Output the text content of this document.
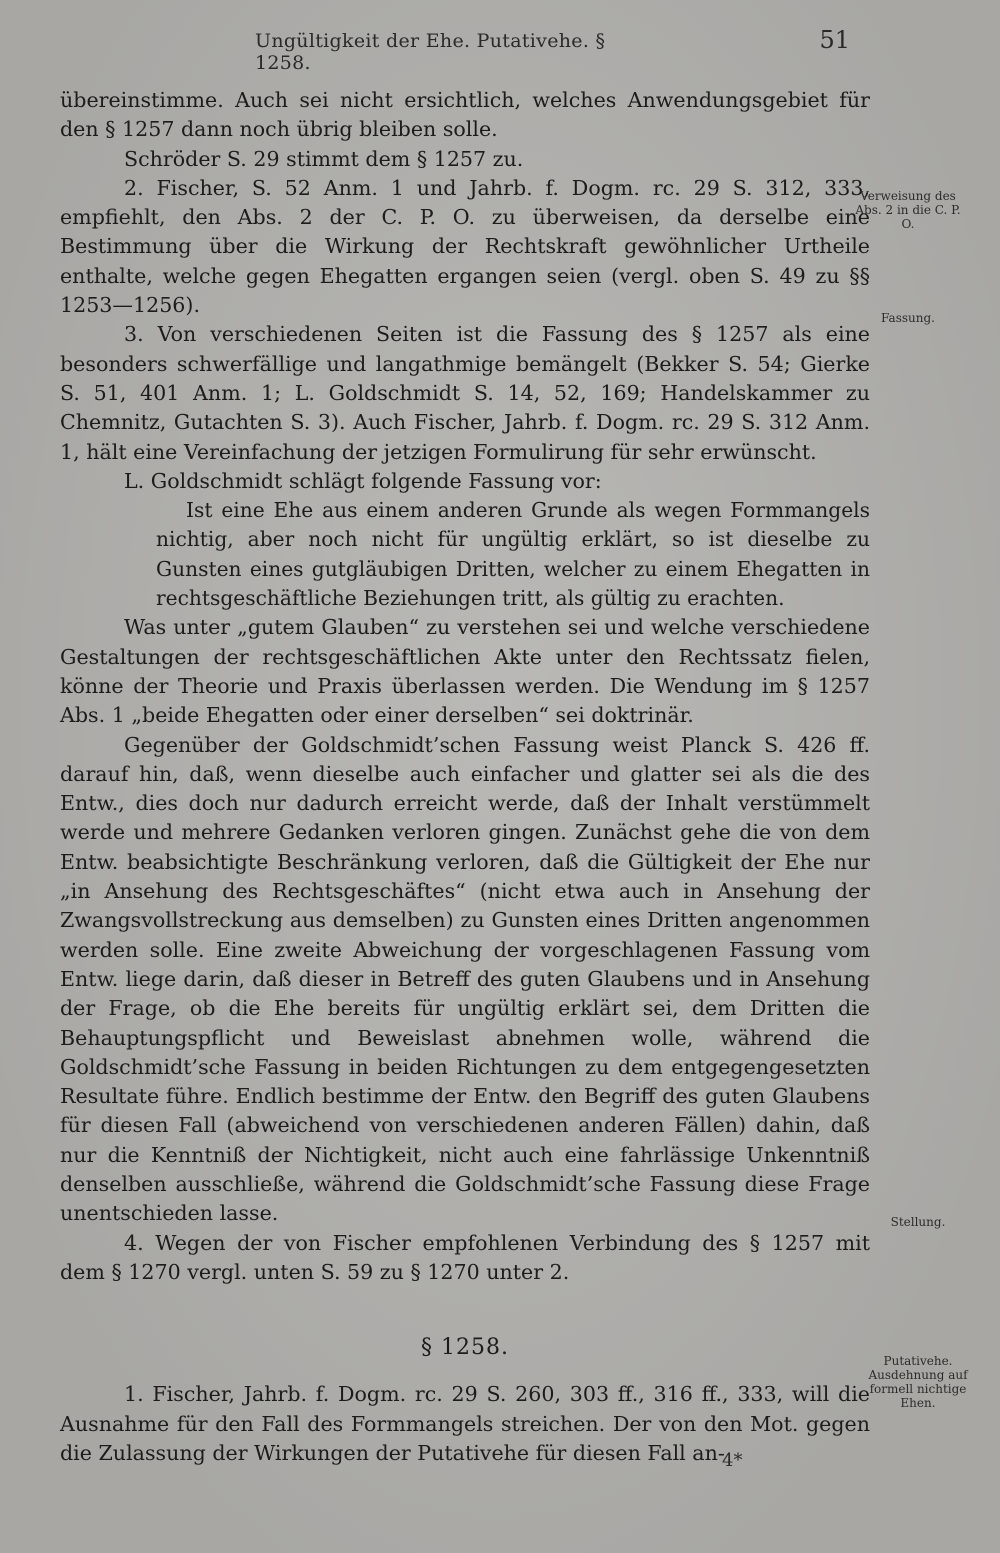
Ungültigkeit der Ehe. Putativehe. § 1258.
51

übereinstimme. Auch sei nicht ersichtlich, welches Anwendungsgebiet für den § 1257 dann noch übrig bleiben solle.

Schröder S. 29 stimmt dem § 1257 zu.

2. Fischer, S. 52 Anm. 1 und Jahrb. f. Dogm. rc. 29 S. 312, 333, empfiehlt, den Abs. 2 der C. P. O. zu überweisen, da derselbe eine Bestimmung über die Wirkung der Rechtskraft gewöhnlicher Urtheile enthalte, welche gegen Ehegatten ergangen seien (vergl. oben S. 49 zu §§ 1253—1256).

3. Von verschiedenen Seiten ist die Fassung des § 1257 als eine besonders schwerfällige und langathmige bemängelt (Bekker S. 54; Gierke S. 51, 401 Anm. 1; L. Goldschmidt S. 14, 52, 169; Handelskammer zu Chemnitz, Gutachten S. 3). Auch Fischer, Jahrb. f. Dogm. rc. 29 S. 312 Anm. 1, hält eine Vereinfachung der jetzigen Formulirung für sehr erwünscht.

L. Goldschmidt schlägt folgende Fassung vor:

Ist eine Ehe aus einem anderen Grunde als wegen Formmangels nichtig, aber noch nicht für ungültig erklärt, so ist dieselbe zu Gunsten eines gutgläubigen Dritten, welcher zu einem Ehegatten in rechtsgeschäftliche Beziehungen tritt, als gültig zu erachten.

Was unter „gutem Glauben“ zu verstehen sei und welche verschiedene Gestaltungen der rechtsgeschäftlichen Akte unter den Rechtssatz fielen, könne der Theorie und Praxis überlassen werden. Die Wendung im § 1257 Abs. 1 „beide Ehegatten oder einer derselben“ sei doktrinär.

Gegenüber der Goldschmidt’schen Fassung weist Planck S. 426 ff. darauf hin, daß, wenn dieselbe auch einfacher und glatter sei als die des Entw., dies doch nur dadurch erreicht werde, daß der Inhalt verstümmelt werde und mehrere Gedanken verloren gingen. Zunächst gehe die von dem Entw. beabsichtigte Beschränkung verloren, daß die Gültigkeit der Ehe nur „in Ansehung des Rechtsgeschäftes“ (nicht etwa auch in Ansehung der Zwangsvollstreckung aus demselben) zu Gunsten eines Dritten angenommen werden solle. Eine zweite Abweichung der vorgeschlagenen Fassung vom Entw. liege darin, daß dieser in Betreff des guten Glaubens und in Ansehung der Frage, ob die Ehe bereits für ungültig erklärt sei, dem Dritten die Behauptungspflicht und Beweislast abnehmen wolle, während die Goldschmidt’sche Fassung in beiden Richtungen zu dem entgegengesetzten Resultate führe. Endlich bestimme der Entw. den Begriff des guten Glaubens für diesen Fall (abweichend von verschiedenen anderen Fällen) dahin, daß nur die Kenntniß der Nichtigkeit, nicht auch eine fahrlässige Unkenntniß denselben ausschließe, während die Goldschmidt’sche Fassung diese Frage unentschieden lasse.

4. Wegen der von Fischer empfohlenen Verbindung des § 1257 mit dem § 1270 vergl. unten S. 59 zu § 1270 unter 2.

§ 1258.

1. Fischer, Jahrb. f. Dogm. rc. 29 S. 260, 303 ff., 316 ff., 333, will die Ausnahme für den Fall des Formmangels streichen. Der von den Mot. gegen die Zulassung der Wirkungen der Putativehe für diesen Fall an-

4*
Verweisung des Abs. 2 in die C. P. O.
Fassung.
Stellung.
Putativehe. Ausdehnung auf formell nichtige Ehen.
